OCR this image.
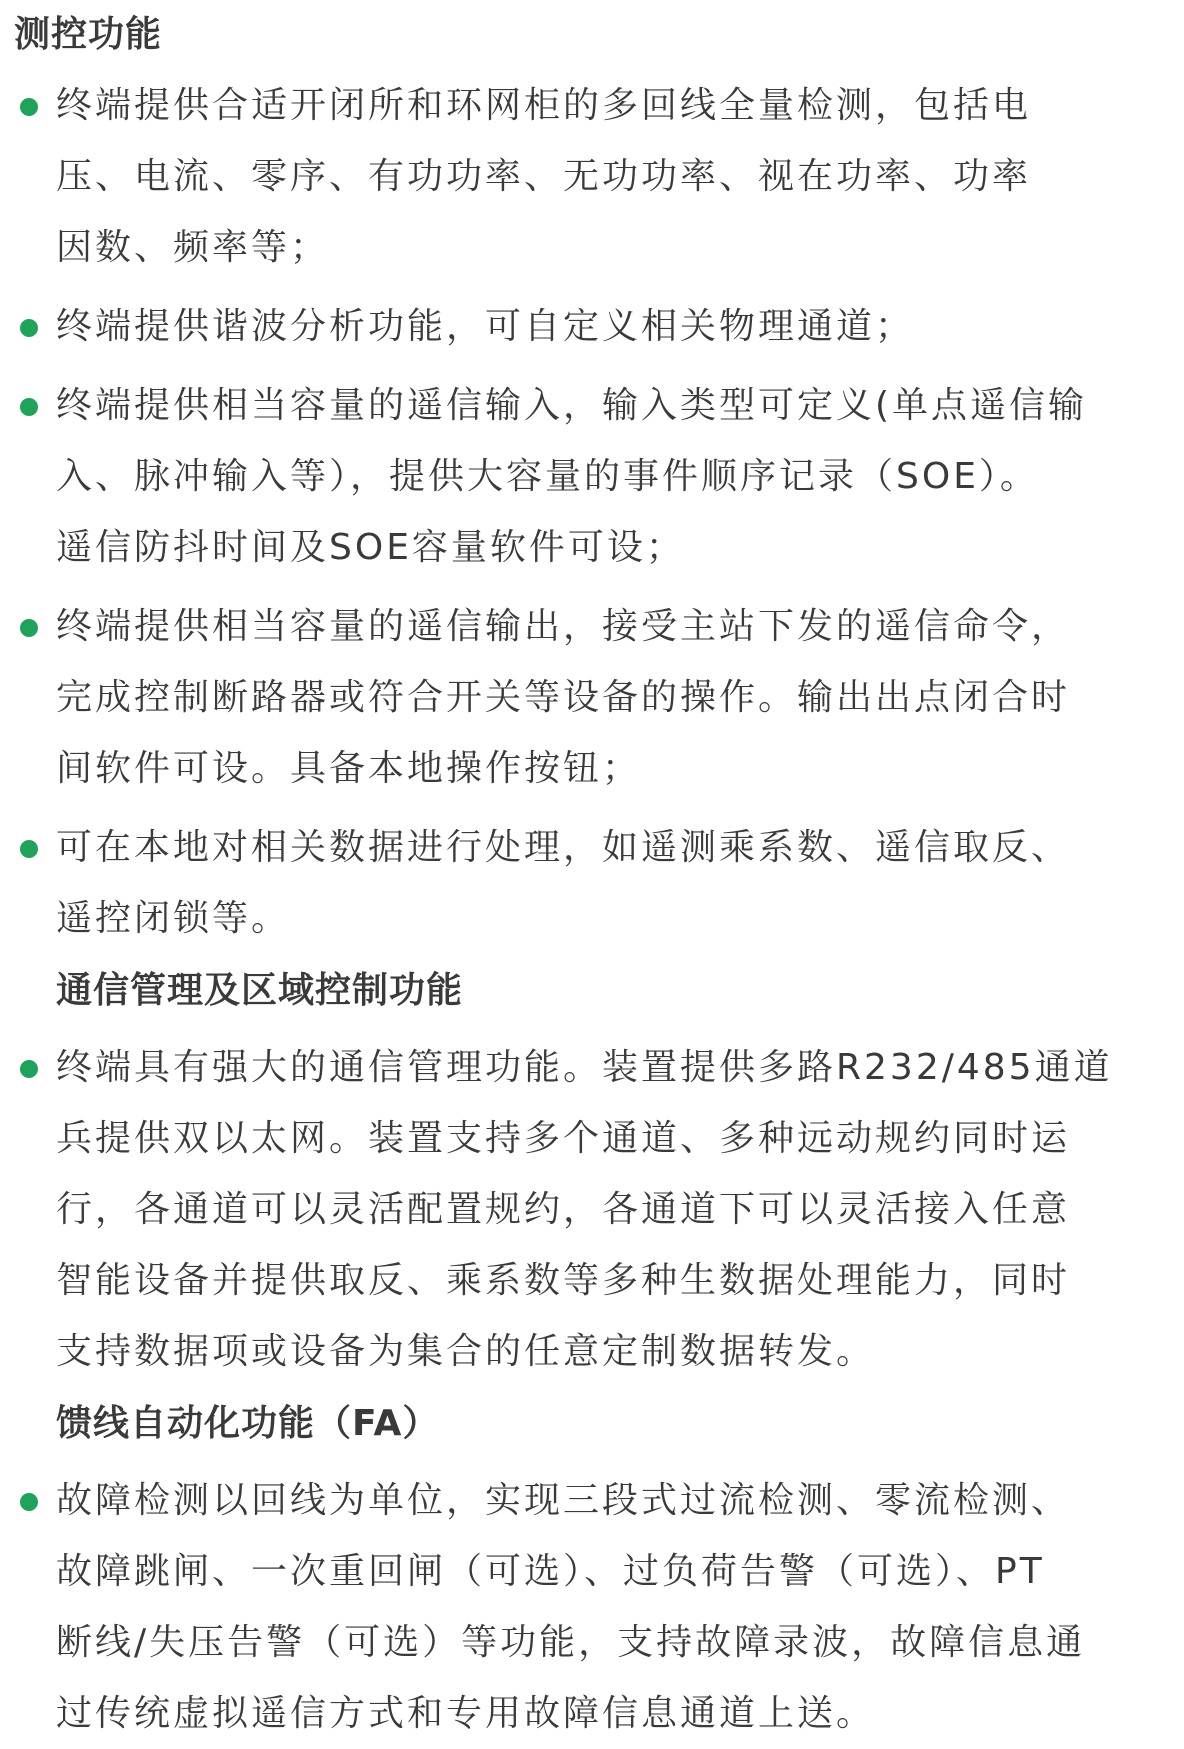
测控功能
终端提供合适开闭所和环网柜的多回线全量检测，包括电
压、电流、零序、有功功率、无功功率、视在功率、功率
因数、频率等；
终端提供谐波分析功能，可自定义相关物理通道；
终端提供相当容量的遥信输入，输入类型可定义(单点遥信输
入、脉冲输入等），提供大容量的事件顺序记录（SOE）。
遥信防抖时间及SOE容量软件可设；
终端提供相当容量的遥信输出，接受主站下发的遥信命令，
完成控制断路器或符合开关等设备的操作。输出出点闭合时
间软件可设。具备本地操作按钮；
可在本地对相关数据进行处理，如遥测乘系数、遥信取反、
遥控闭锁等。
通信管理及区域控制功能
终端具有强大的通信管理功能。装置提供多路R232/485通道
兵提供双以太网。装置支持多个通道、多种远动规约同时运
行，各通道可以灵活配置规约，各通道下可以灵活接入任意
智能设备并提供取反、乘系数等多种生数据处理能力，同时
支持数据项或设备为集合的任意定制数据转发。
馈线自动化功能（FA）
故障检测以回线为单位，实现三段式过流检测、零流检测、
故障跳闸、一次重回闸（可选）、过负荷告警（可选）、PT
断线/失压告警（可选）等功能，支持故障录波，故障信息通
过传统虚拟遥信方式和专用故障信息通道上送。
